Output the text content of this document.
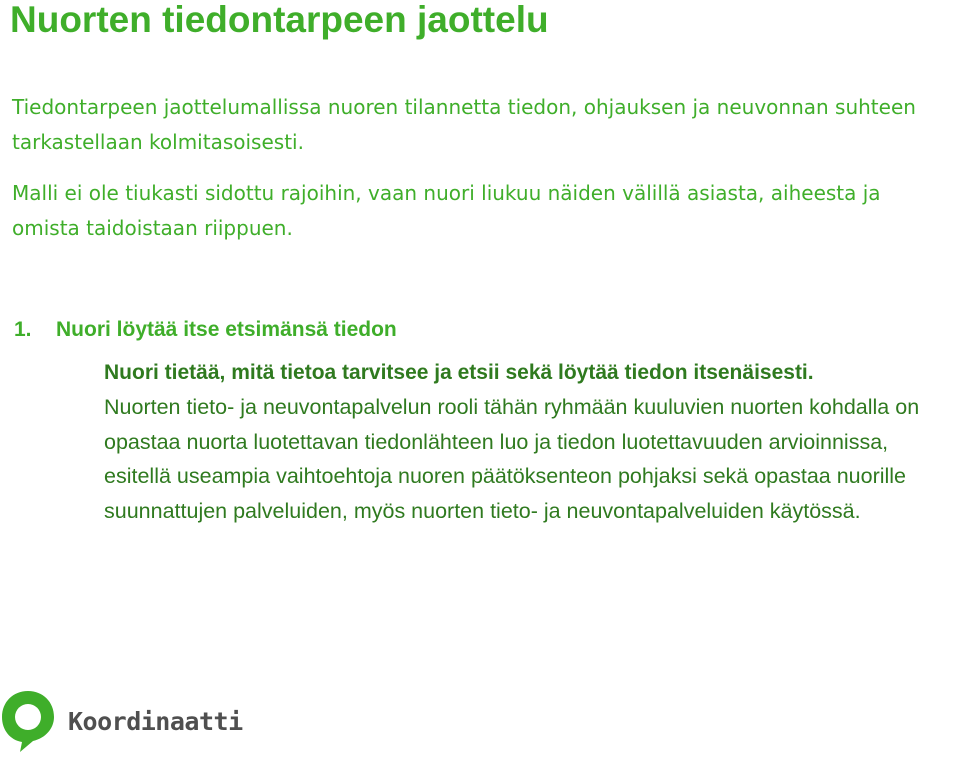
Nuorten tiedontarpeen jaottelu

Tiedontarpeen jaottelumallissa nuoren tilannetta tiedon, ohjauksen ja neuvonnan suhteen tarkastellaan kolmitasoisesti.

Malli ei ole tiukasti sidottu rajoihin, vaan nuori liukuu näiden välillä asiasta, aiheesta ja omista taidoistaan riippuen.

1. Nuori löytää itse etsimänsä tiedon

Nuori tietää, mitä tietoa tarvitsee ja etsii sekä löytää tiedon itsenäisesti.

Nuorten tieto- ja neuvontapalvelun rooli tähän ryhmään kuuluvien nuorten kohdalla on opastaa nuorta luotettavan tiedonlähteen luo ja tiedon luotettavuuden arvioinnissa, esitellä useampia vaihtoehtoja nuoren päätöksenteon pohjaksi sekä opastaa nuorille suunnattujen palveluiden, myös nuorten tieto- ja neuvontapalveluiden käytössä.

Koordinaatti
